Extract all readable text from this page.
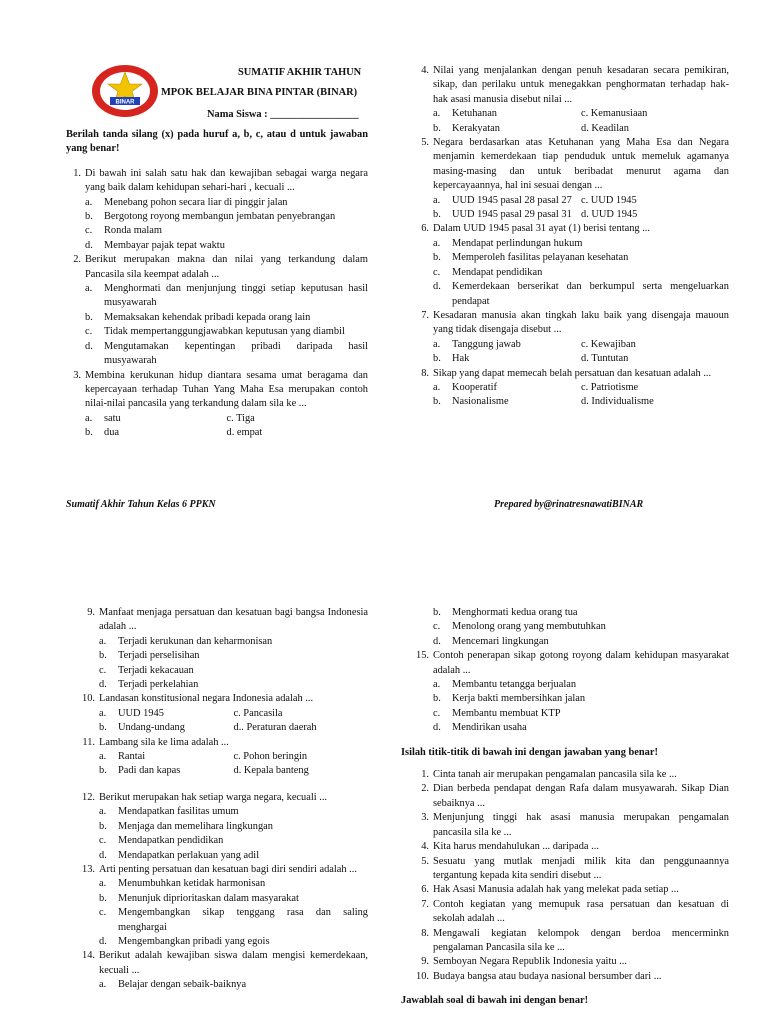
BINAR
SUMATIF AKHIR TAHUN
MPOK BELAJAR BINA PINTAR (BINAR)
Nama Siswa : _________________
Berilah tanda silang (x) pada huruf a, b, c, atau d untuk jawaban yang benar!
1. Di bawah ini salah satu hak dan kewajiban sebagai warga negara yang baik dalam kehidupan sehari-hari , kecuali ...
a.	Menebang pohon secara liar di pinggir jalan
b.	Bergotong royong membangun jembatan penyebrangan
c.	Ronda malam
d.	Membayar pajak tepat waktu
2. Berikut merupakan makna dan nilai yang terkandung dalam Pancasila sila keempat adalah ...
a.	Menghormati dan menjunjung tinggi setiap keputusan hasil musyawarah
b.	Memaksakan kehendak pribadi kepada orang lain
c.	Tidak mempertanggungjawabkan keputusan yang diambil
d.	Mengutamakan kepentingan pribadi daripada hasil musyawarah
3. Membina kerukunan hidup diantara sesama umat beragama dan kepercayaan terhadap Tuhan Yang Maha Esa merupakan contoh nilai-nilai pancasila yang terkandung dalam sila ke ...
a.	satu	c. Tiga
b.	dua	d. empat
4. Nilai yang menjalankan dengan penuh kesadaran secara pemikiran, sikap, dan perilaku untuk menegakkan penghormatan terhadap hak-hak asasi manusia disebut nilai ...
a.	Ketuhanan	c. Kemanusiaan
b.	Kerakyatan	d. Keadilan
5. Negara berdasarkan atas Ketuhanan yang Maha Esa dan Negara menjamin kemerdekaan tiap penduduk untuk memeluk agamanya masing-masing dan untuk beribadat menurut agama dan kepercayaannya, hal ini sesuai dengan ...
a.	UUD 1945 pasal 28 pasal 27 c. UUD 1945
b.	UUD 1945 pasal 29 pasal 31 d. UUD 1945
6. Dalam UUD 1945 pasal 31 ayat (1) berisi tentang ...
a.	Mendapat perlindungan hukum
b.	Memperoleh fasilitas pelayanan kesehatan
c.	Mendapat pendidikan
d.	Kemerdekaan berserikat dan berkumpul serta mengeluarkan pendapat
7. Kesadaran manusia akan tingkah laku baik yang disengaja mauoun yang tidak disengaja disebut ...
a.	Tanggung jawab	c. Kewajiban
b.	Hak	d. Tuntutan
8. Sikap yang dapat memecah belah persatuan dan kesatuan adalah ...
a.	Kooperatif	c. Patriotisme
b.	Nasionalisme	d. Individualisme
Sumatif Akhir Tahun Kelas 6 PPKN	Prepared by@rinatresnawatiBINAR
9. Manfaat menjaga persatuan dan kesatuan bagi bangsa Indonesia adalah ...
a.	Terjadi kerukunan dan keharmonisan
b.	Terjadi perselisihan
c.	Terjadi kekacauan
d.	Terjadi perkelahian
10. Landasan konstitusional negara Indonesia adalah ...
a.	UUD 1945	c. Pancasila
b.	Undang-undang	d.. Peraturan daerah
11. Lambang sila ke lima adalah ...
a.	Rantai	c. Pohon beringin
b.	Padi dan kapas	d. Kepala banteng
12. Berikut merupakan hak setiap warga negara, kecuali ...
a.	Mendapatkan fasilitas umum
b.	Menjaga dan memelihara lingkungan
c.	Mendapatkan pendidikan
d.	Mendapatkan perlakuan yang adil
13. Arti penting persatuan dan kesatuan bagi diri sendiri adalah ...
a.	Menumbuhkan ketidak harmonisan
b.	Menunjuk diprioritaskan dalam masyarakat
c.	Mengembangkan sikap tenggang rasa dan saling menghargai
d.	Mengembangkan pribadi yang egois
14. Berikut adalah kewajiban siswa dalam mengisi kemerdekaan, kecuali ...
a.	Belajar dengan sebaik-baiknya
b.	Menghormati kedua orang tua
c.	Menolong orang yang membutuhkan
d.	Mencemari lingkungan
15. Contoh penerapan sikap gotong royong dalam kehidupan masyarakat adalah ...
a.	Membantu tetangga berjualan
b.	Kerja bakti membersihkan jalan
c.	Membantu membuat KTP
d.	Mendirikan usaha
Isilah titik-titik di bawah ini dengan jawaban yang benar!
1. Cinta tanah air merupakan pengamalan pancasila sila ke ...
2. Dian berbeda pendapat dengan Rafa dalam musyawarah. Sikap Dian sebaiknya ...
3. Menjunjung tinggi hak asasi manusia merupakan pengamalan pancasila sila ke ...
4. Kita harus mendahulukan ... daripada ...
5. Sesuatu yang mutlak menjadi milik kita dan penggunaannya tergantung kepada kita sendiri disebut ...
6. Hak Asasi Manusia adalah hak yang melekat pada setiap ...
7. Contoh kegiatan yang memupuk rasa persatuan dan kesatuan di sekolah adalah ...
8. Mengawali kegiatan kelompok dengan berdoa mencerminkn pengalaman Pancasila sila ke ...
9. Semboyan Negara Republik Indonesia yaitu ...
10. Budaya bangsa atau budaya nasional bersumber dari ...
Jawablah soal di bawah ini dengan benar!
